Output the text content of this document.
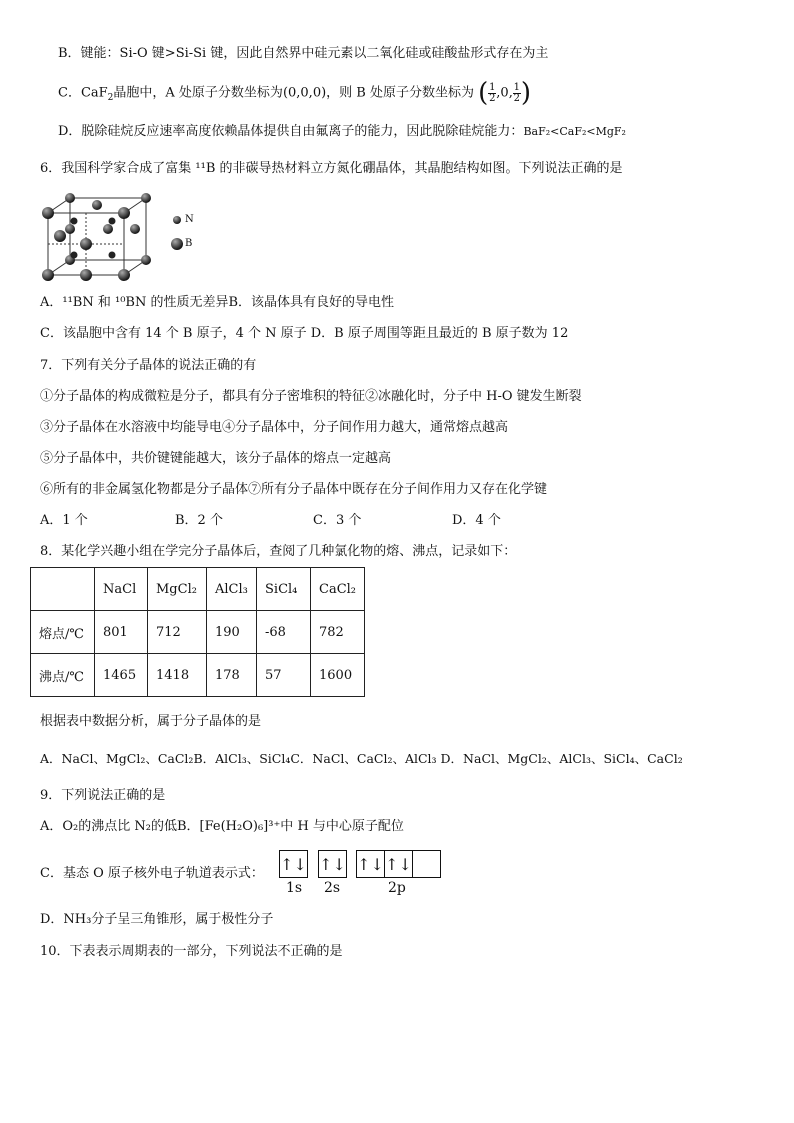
B．键能：Si-O 键>Si-Si 键，因此自然界中硅元素以二氧化硅或硅酸盐形式存在为主
C．CaF$_2$晶胞中，A 处原子分数坐标为(0,0,0)，则 B 处原子分数坐标为 ( $\frac{1}{2} ,0$, $\frac{1}{2}$ )
D．脱除硅烷反应速率高度依赖晶体提供自由氟离子的能力，因此脱除硅烷能力：BaF₂<CaF₂<MgF₂
6．我国科学家合成了富集 ¹¹B 的非碳导热材料立方氮化硼晶体，其晶胞结构如图。下列说法正确的是
N
B
A．¹¹BN 和 ¹⁰BN 的性质无差异B．该晶体具有良好的导电性
C．该晶胞中含有 14 个 B 原子，4 个 N 原子 D．B 原子周围等距且最近的 B 原子数为 12
7．下列有关分子晶体的说法正确的有
①分子晶体的构成微粒是分子，都具有分子密堆积的特征②冰融化时，分子中 H-O 键发生断裂
③分子晶体在水溶液中均能导电④分子晶体中，分子间作用力越大，通常熔点越高
⑤分子晶体中，共价键键能越大，该分子晶体的熔点一定越高
⑥所有的非金属氢化物都是分子晶体⑦所有分子晶体中既存在分子间作用力又存在化学键
A．1 个	B．2 个	C．3 个	D．4 个
8．某化学兴趣小组在学完分子晶体后，查阅了几种氯化物的熔、沸点，记录如下：
	NaCl	MgCl₂	AlCl₃	SiCl₄	CaCl₂
熔点/℃	801	712	190	-68	782
沸点/℃	1465	1418	178	57	1600
根据表中数据分析，属于分子晶体的是
A．NaCl、MgCl₂、CaCl₂B．AlCl₃、SiCl₄C．NaCl、CaCl₂、AlCl₃ D．NaCl、MgCl₂、AlCl₃、SiCl₄、CaCl₂
9．下列说法正确的是
A．O₂的沸点比 N₂的低B．[Fe(H₂O)₆]³⁺中 H 与中心原子配位
C．基态 O 原子核外电子轨道表示式： ↑↓ ↑↓ ↑↓ ↑↓
1s 2s	2p
D．NH₃分子呈三角锥形，属于极性分子
10．下表表示周期表的一部分，下列说法不正确的是
